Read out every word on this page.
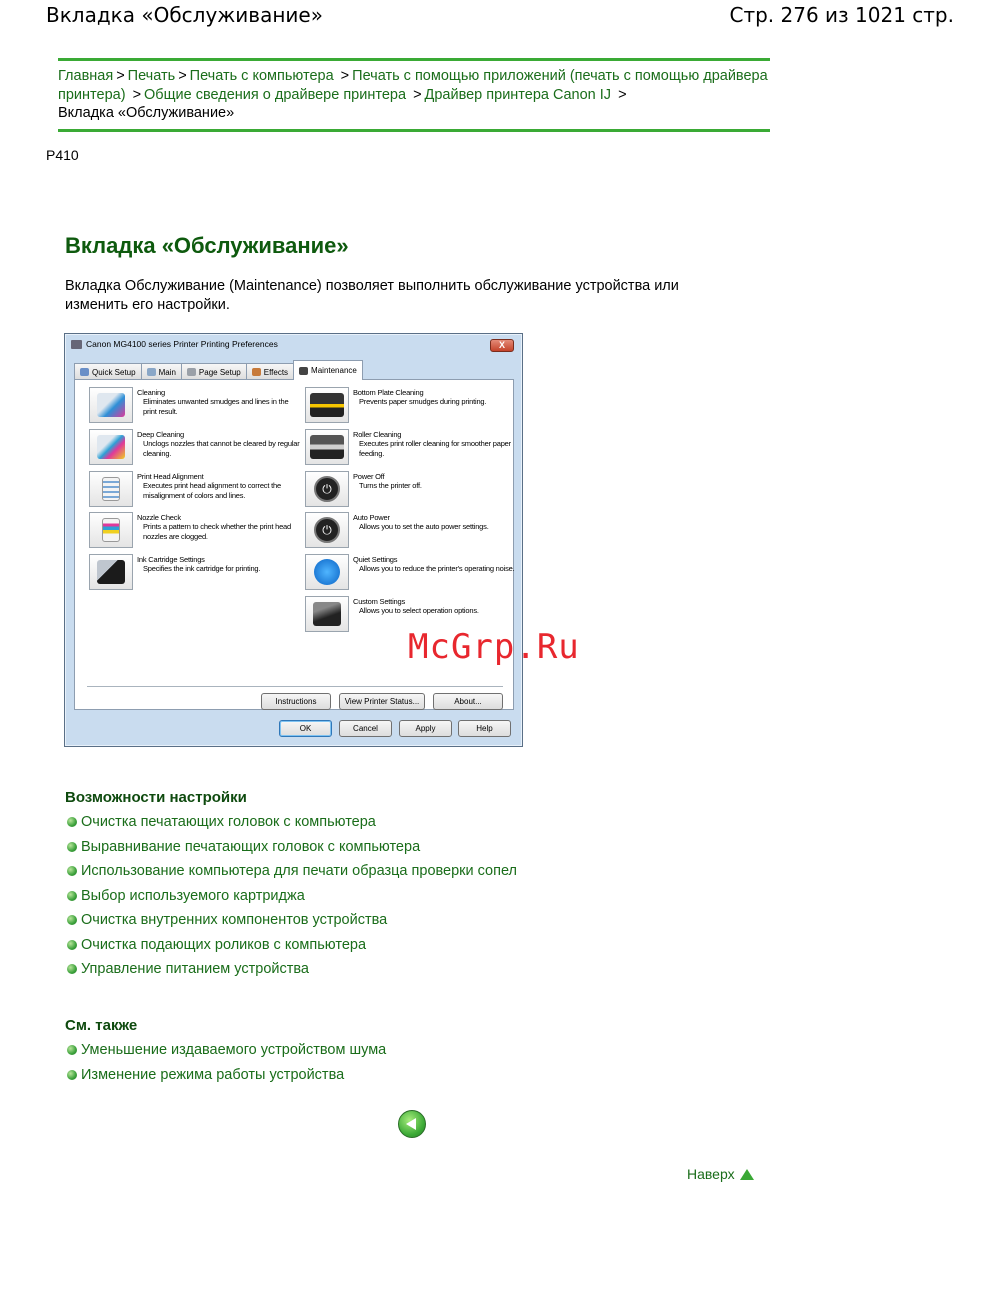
Вкладка «Обслуживание»	Стр. 276 из 1021 стр.
Главная > Печать > Печать с компьютера > Печать с помощью приложений (печать с помощью драйвера принтера) > Общие сведения о драйвере принтера > Драйвер принтера Canon IJ >
Вкладка «Обслуживание»
P410
Вкладка «Обслуживание»

Вкладка Обслуживание (Maintenance) позволяет выполнить обслуживание устройства или изменить его настройки.

Canon MG4100 series Printer Printing Preferences	X
Quick Setup	Main	Page Setup	Effects	Maintenance
Cleaning
Eliminates unwanted smudges and lines in the print result.
Deep Cleaning
Unclogs nozzles that cannot be cleared by regular cleaning.
Print Head Alignment
Executes print head alignment to correct the misalignment of colors and lines.
Nozzle Check
Prints a pattern to check whether the print head nozzles are clogged.
Ink Cartridge Settings
Specifies the ink cartridge for printing.
Bottom Plate Cleaning
Prevents paper smudges during printing.
Roller Cleaning
Executes print roller cleaning for smoother paper feeding.
⏻
Power Off
Turns the printer off.
⏻
Auto Power
Allows you to set the auto power settings.
Quiet Settings
Allows you to reduce the printer's operating noise.
Custom Settings
Allows you to select operation options.
Instructions	View Printer Status...	About...
OK	Cancel	Apply	Help
McGrp.Ru
Возможности настройки
Очистка печатающих головок с компьютера
Выравнивание печатающих головок с компьютера
Использование компьютера для печати образца проверки сопел
Выбор используемого картриджа
Очистка внутренних компонентов устройства
Очистка подающих роликов с компьютера
Управление питанием устройства
См. также
Уменьшение издаваемого устройством шума
Изменение режима работы устройства
Наверх
